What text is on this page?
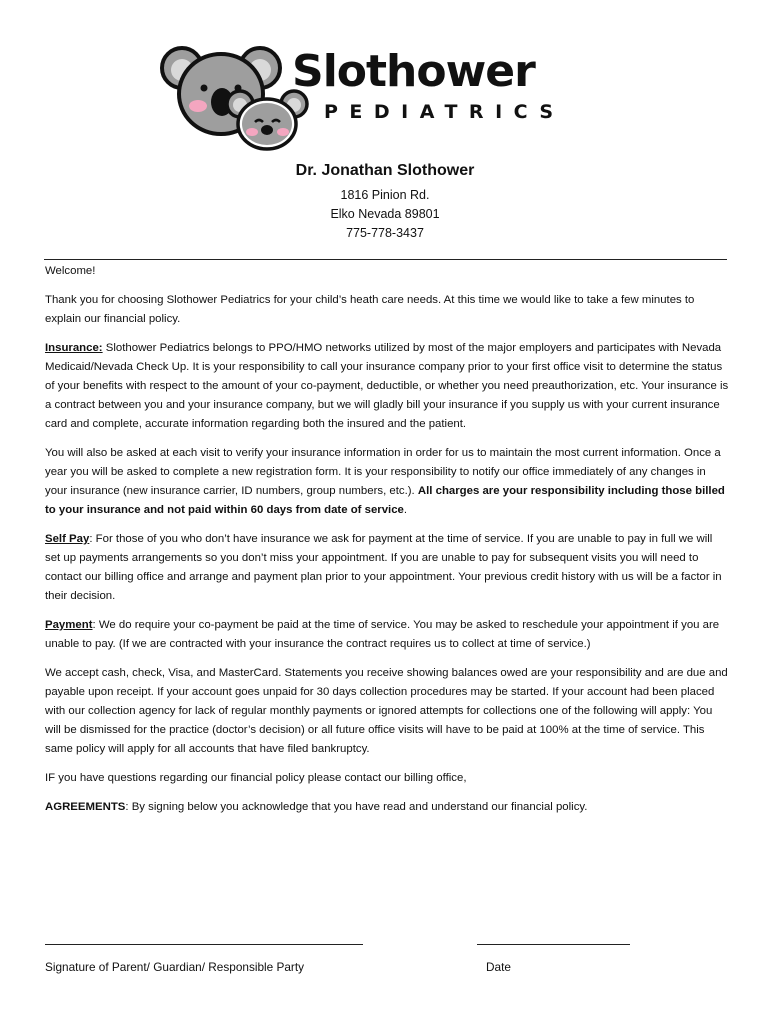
Slothower
PEDIATRICS
Dr. Jonathan Slothower
1816 Pinion Rd.
Elko Nevada 89801
775-778-3437

Welcome!

Thank you for choosing Slothower Pediatrics for your child’s heath care needs. At this time we would like to take a few minutes to explain our financial policy.

Insurance: Slothower Pediatrics belongs to PPO/HMO networks utilized by most of the major employers and participates with Nevada Medicaid/Nevada Check Up. It is your responsibility to call your insurance company prior to your first office visit to determine the status of your benefits with respect to the amount of your co-payment, deductible, or whether you need preauthorization, etc. Your insurance is a contract between you and your insurance company, but we will gladly bill your insurance if you supply us with your current insurance card and complete, accurate information regarding both the insured and the patient.

You will also be asked at each visit to verify your insurance information in order for us to maintain the most current information. Once a year you will be asked to complete a new registration form. It is your responsibility to notify our office immediately of any changes in your insurance (new insurance carrier, ID numbers, group numbers, etc.). All charges are your responsibility including those billed to your insurance and not paid within 60 days from date of service.

Self Pay: For those of you who don’t have insurance we ask for payment at the time of service. If you are unable to pay in full we will set up payments arrangements so you don’t miss your appointment. If you are unable to pay for subsequent visits you will need to contact our billing office and arrange and payment plan prior to your appointment. Your previous credit history with us will be a factor in their decision.

Payment: We do require your co-payment be paid at the time of service. You may be asked to reschedule your appointment if you are unable to pay. (If we are contracted with your insurance the contract requires us to collect at time of service.)

We accept cash, check, Visa, and MasterCard. Statements you receive showing balances owed are your responsibility and are due and payable upon receipt. If your account goes unpaid for 30 days collection procedures may be started. If your account had been placed with our collection agency for lack of regular monthly payments or ignored attempts for collections one of the following will apply: You will be dismissed for the practice (doctor’s decision) or all future office visits will have to be paid at 100% at the time of service. This same policy will apply for all accounts that have filed bankruptcy.

IF you have questions regarding our financial policy please contact our billing office,

AGREEMENTS: By signing below you acknowledge that you have read and understand our financial policy.

Signature of Parent/ Guardian/ Responsible Party	Date
